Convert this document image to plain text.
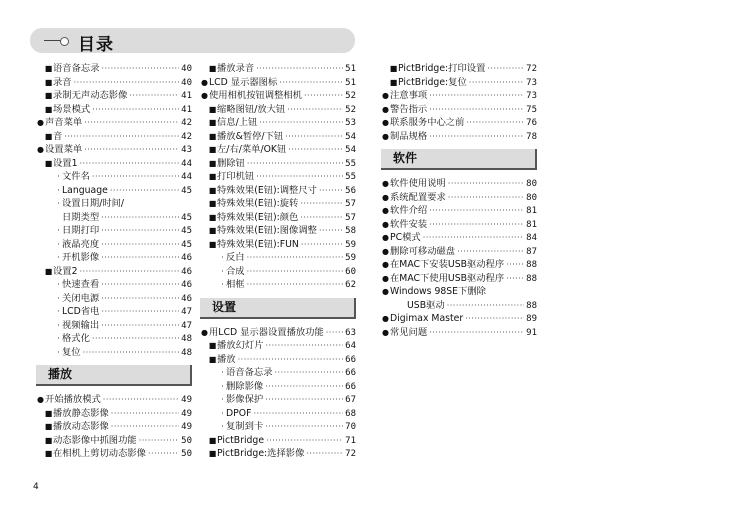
目录
■ 语音备忘录 ·····	40
■ 录音 ·····	40
■ 录制无声动态影像 ·····	41
■ 场景模式 ·····	41
● 声音菜单 ·····	42
■ 音 ·····	42
● 设置菜单 ·····	43
■ 设置1 ·····	44
· 文件名 ·····	44
· Language ·····	45
· 设置日期/时间/
日期类型 ·····	45
· 日期打印 ·····	45
· 液晶亮度 ·····	45
· 开机影像 ·····	46
■ 设置2 ·····	46
· 快速查看 ·····	46
· 关闭电源 ·····	46
· LCD省电 ·····	47
· 视频输出 ·····	47
· 格式化 ·····	48
· 复位 ·····	48
播放
● 开始播放模式 ·····	49
■ 播放静态影像 ·····	49
■ 播放动态影像 ·····	49
■ 动态影像中抓图功能 ·····	50
■ 在相机上剪切动态影像 ·····	50
■ 播放录音 ·····	51
● LCD 显示器图标 ·····	51
● 使用相机按钮调整相机 ·····	52
■ 缩略图钮/放大钮 ·····	52
■ 信息/上钮 ·····	53
■ 播放&暂停/下钮 ·····	54
■ 左/右/菜单/OK钮 ·····	54
■ 删除钮 ·····	55
■ 打印机钮 ·····	55
■ 特殊效果(E钮):调整尺寸 ·····	56
■ 特殊效果(E钮):旋转 ·····	57
■ 特殊效果(E钮):颜色 ·····	57
■ 特殊效果(E钮):图像调整 ·····	58
■ 特殊效果(E钮):FUN ·····	59
· 反白 ·····	59
· 合成 ·····	60
· 相框 ·····	62
设置
● 用LCD 显示器设置播放功能 ····· 63
■ 播放幻灯片 ·····	64
■ 播放 ·····	66
· 语音备忘录 ·····	66
· 删除影像 ·····	66
· 影像保护 ·····	67
· DPOF ·····	68
· 复制到卡 ·····	70
■ PictBridge ·····	71
■ PictBridge:选择影像 ·····	72
■ PictBridge:打印设置 ·····	72
■ PictBridge:复位 ·····	73
● 注意事项 ·····	73
● 警告指示 ·····	75
● 联系服务中心之前 ·····	76
● 制品规格 ·····	78
软件
● 软件使用说明 ·····	80
● 系统配置要求 ·····	80
● 软件介绍 ·····	81
● 软件安装 ·····	81
● PC模式 ·····	84
● 删除可移动磁盘 ·····	87
● 在MAC下安装USB驱动程序 ····· 88
● 在MAC下使用USB驱动程序 ····· 88
● Windows 98SE下删除
USB驱动 ·····	88
● Digimax Master ·····	89
● 常见问题 ·····	91
4
